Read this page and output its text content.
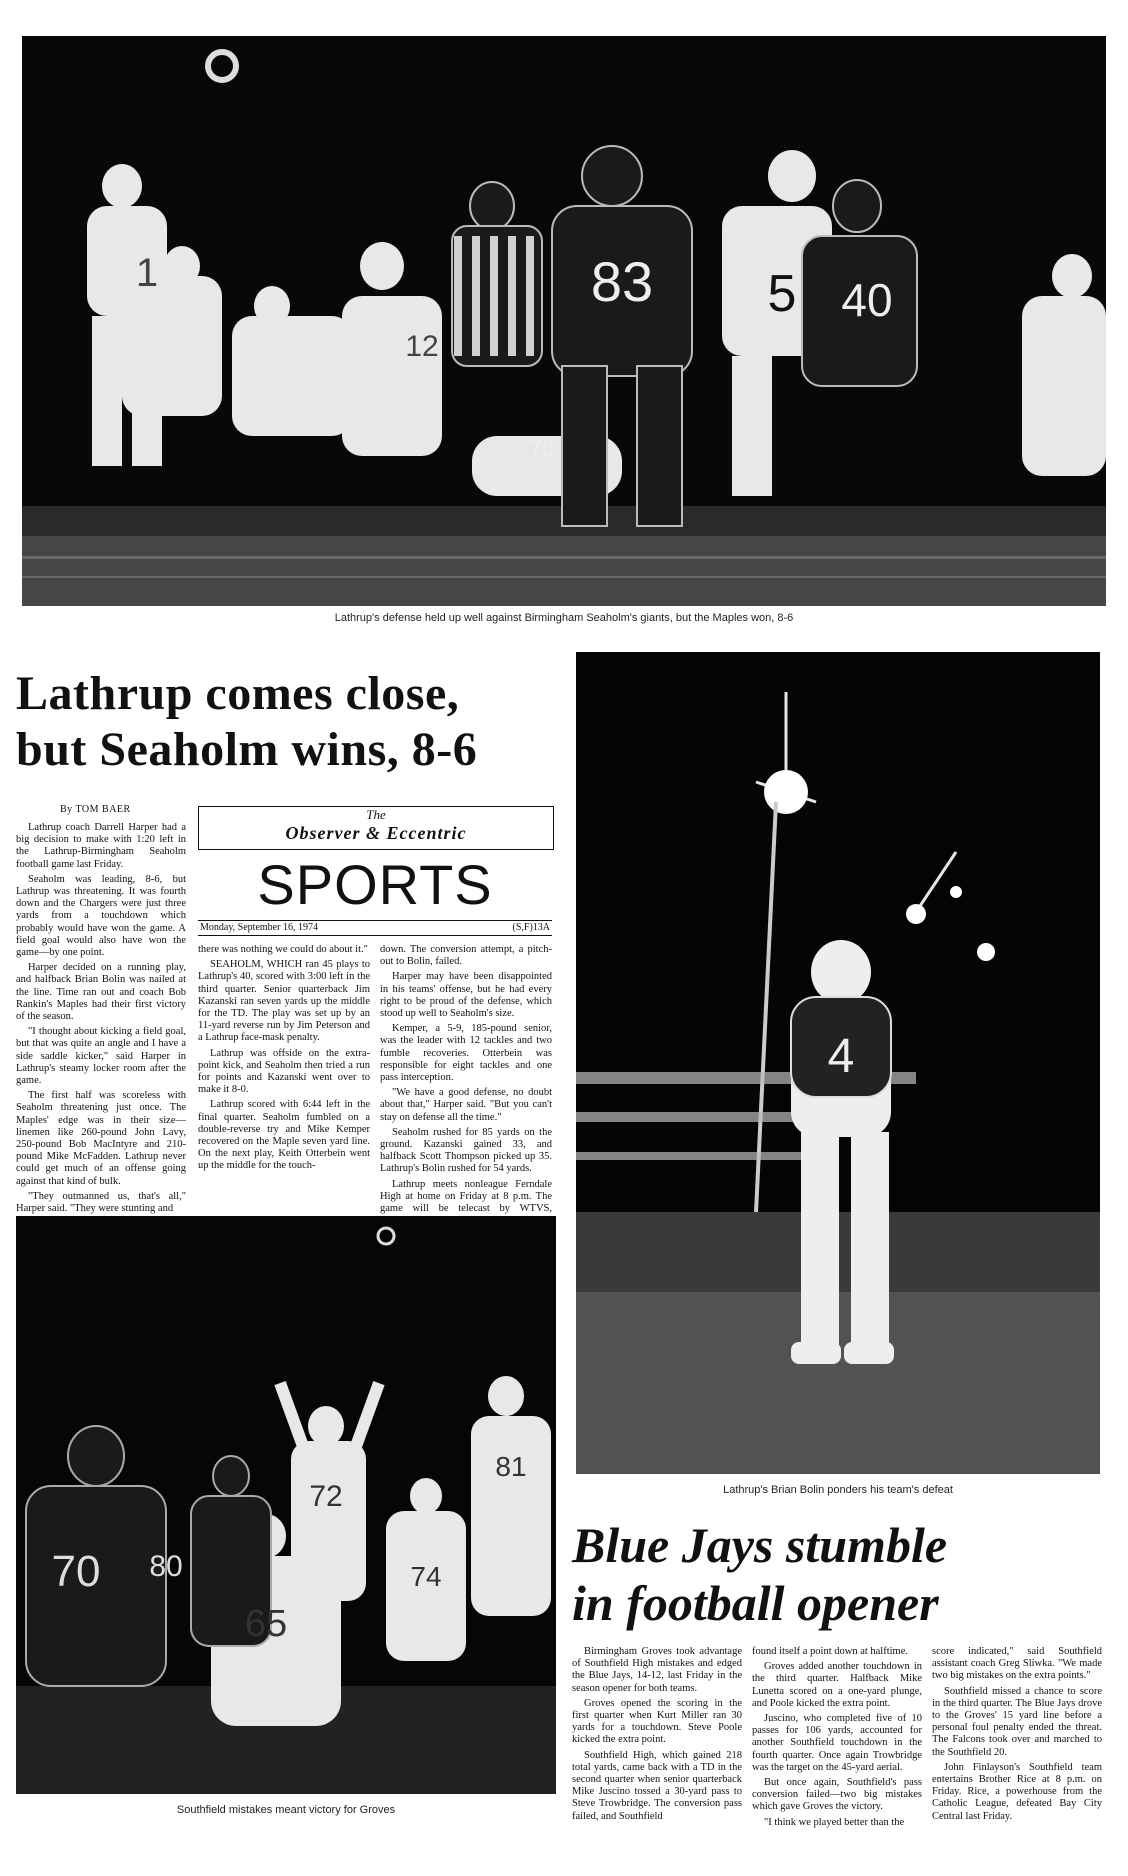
83 5 40
1
12
70
Lathrup's defense held up well against Birmingham Seaholm's giants, but the Maples won, 8-6
Lathrup comes close,
but Seaholm wins, 8-6
By TOM BAER

Lathrup coach Darrell Harper had a big decision to make with 1:20 left in the Lathrup-Birmingham Seaholm football game last Friday.

Seaholm was leading, 8-6, but Lathrup was threatening. It was fourth down and the Chargers were just three yards from a touchdown which probably would have won the game. A field goal would also have won the game—by one point.

Harper decided on a running play, and halfback Brian Bolin was nailed at the line. Time ran out and coach Bob Rankin's Maples had their first victory of the season.

"I thought about kicking a field goal, but that was quite an angle and I have a side saddle kicker," said Harper in Lathrup's steamy locker room after the game.

The first half was scoreless with Seaholm threatening just once. The Maples' edge was in their size—linemen like 260-pound John Lavy, 250-pound Bob MacIntyre and 210-pound Mike McFadden. Lathrup never could get much of an offense going against that kind of bulk.

"They outmanned us, that's all," Harper said. "They were stunting and

The
Observer & Eccentric
SPORTS
Monday, September 16, 1974	(S,F)13A

there was nothing we could do about it."

SEAHOLM, WHICH ran 45 plays to Lathrup's 40, scored with 3:00 left in the third quarter. Senior quarterback Jim Kazanski ran seven yards up the middle for the TD. The play was set up by an 11-yard reverse run by Jim Peterson and a Lathrup face-mask penalty.

Lathrup was offside on the extra-point kick, and Seaholm then tried a run for points and Kazanski went over to make it 8-0.

Lathrup scored with 6:44 left in the final quarter. Seaholm fumbled on a double-reverse try and Mike Kemper recovered on the Maple seven yard line. On the next play, Keith Otterbein went up the middle for the touch-

down. The conversion attempt, a pitch-out to Bolin, failed.

Harper may have been disappointed in his teams' offense, but he had every right to be proud of the defense, which stood up well to Seaholm's size.

Kemper, a 5-9, 185-pound senior, was the leader with 12 tackles and two fumble recoveries. Otterbein was responsible for eight tackles and one pass interception.

"We have a good defense, no doubt about that," Harper said. "But you can't stay on defense all the time."

Seaholm rushed for 85 yards on the ground. Kazanski gained 33, and halfback Scott Thompson picked up 35. Lathrup's Bolin rushed for 54 yards.

Lathrup meets nonleague Ferndale High at home on Friday at 8 p.m. The game will be telecast by WTVS,

4
Lathrup's Brian Bolin ponders his team's defeat
72
65
74
81
80
70
Southfield mistakes meant victory for Groves
Blue Jays stumble
in football opener

Birmingham Groves took advantage of Southfield High mistakes and edged the Blue Jays, 14-12, last Friday in the season opener for both teams.

Groves opened the scoring in the first quarter when Kurt Miller ran 30 yards for a touchdown. Steve Poole kicked the extra point.

Southfield High, which gained 218 total yards, came back with a TD in the second quarter when senior quarterback Mike Juscino tossed a 30-yard pass to Steve Trowbridge. The conversion pass failed, and Southfield

found itself a point down at halftime.

Groves added another touchdown in the third quarter. Halfback Mike Lunetta scored on a one-yard plunge, and Poole kicked the extra point.

Juscino, who completed five of 10 passes for 106 yards, accounted for another Southfield touchdown in the fourth quarter. Once again Trowbridge was the target on the 45-yard aerial.

But once again, Southfield's pass conversion failed—two big mistakes which gave Groves the victory.

"I think we played better than the

score indicated," said Southfield assistant coach Greg Sliwka. "We made two big mistakes on the extra points."

Southfield missed a chance to score in the third quarter. The Blue Jays drove to the Groves' 15 yard line before a personal foul penalty ended the threat. The Falcons took over and marched to the Southfield 20.

John Finlayson's Southfield team entertains Brother Rice at 8 p.m. on Friday. Rice, a powerhouse from the Catholic League, defeated Bay City Central last Friday.
